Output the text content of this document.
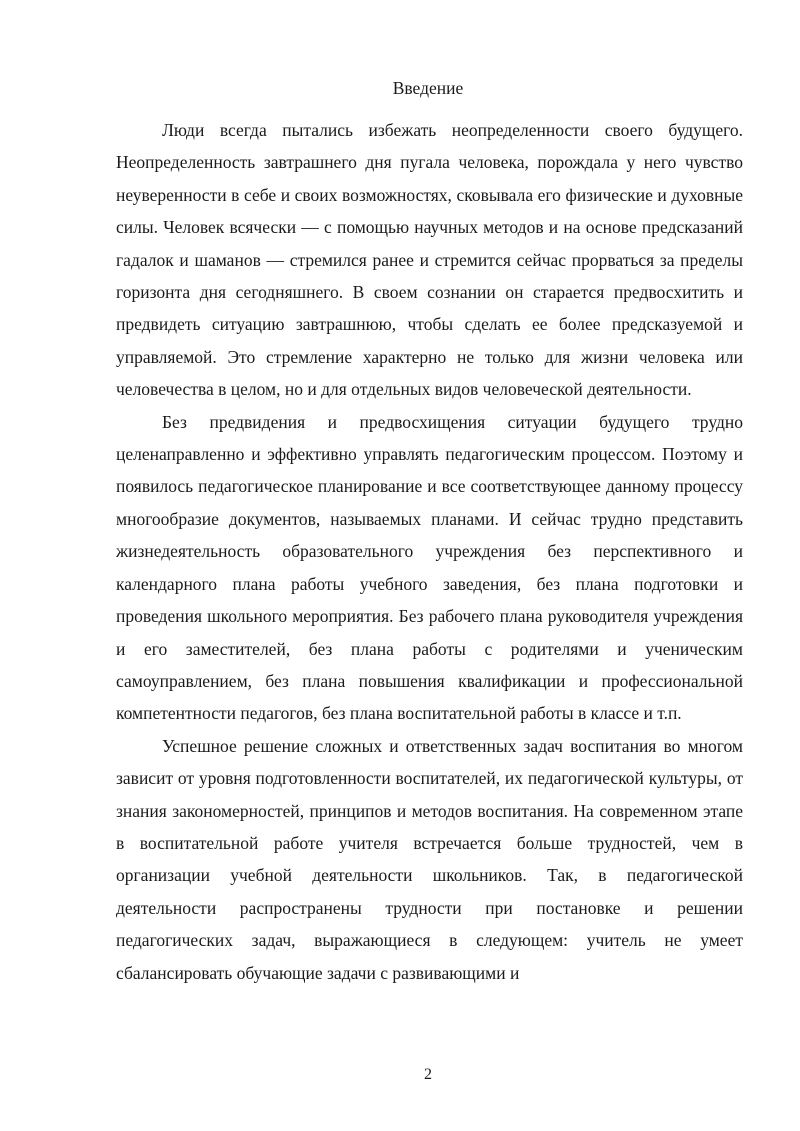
Введение

Люди всегда пытались избежать неопределенности своего будущего. Неопределенность завтрашнего дня пугала человека, порождала у него чувство неуверенности в себе и своих возможностях, сковывала его физические и духовные силы. Человек всячески — с помощью научных методов и на основе предсказаний гадалок и шаманов — стремился ранее и стремится сейчас прорваться за пределы горизонта дня сегодняшнего. В своем сознании он старается предвосхитить и предвидеть ситуацию завтрашнюю, чтобы сделать ее более предсказуемой и управляемой. Это стремление характерно не только для жизни человека или человечества в целом, но и для отдельных видов человеческой деятельности.

Без предвидения и предвосхищения ситуации будущего трудно целенаправленно и эффективно управлять педагогическим процессом. Поэтому и появилось педагогическое планирование и все соответствующее данному процессу многообразие документов, называемых планами. И сейчас трудно представить жизнедеятельность образовательного учреждения без перспективного и календарного плана работы учебного заведения, без плана подготовки и проведения школьного мероприятия. Без рабочего плана руководителя учреждения и его заместителей, без плана работы с родителями и ученическим самоуправлением, без плана повышения квалификации и профессиональной компетентности педагогов, без плана воспитательной работы в классе и т.п.

Успешное решение сложных и ответственных задач воспитания во многом зависит от уровня подготовленности воспитателей, их педагогической культуры, от знания закономерностей, принципов и методов воспитания. На современном этапе в воспитательной работе учителя встречается больше трудностей, чем в организации учебной деятельности школьников. Так, в педагогической деятельности распространены трудности при постановке и решении педагогических задач, выражающиеся в следующем: учитель не умеет сбалансировать обучающие задачи с развивающими и

2
